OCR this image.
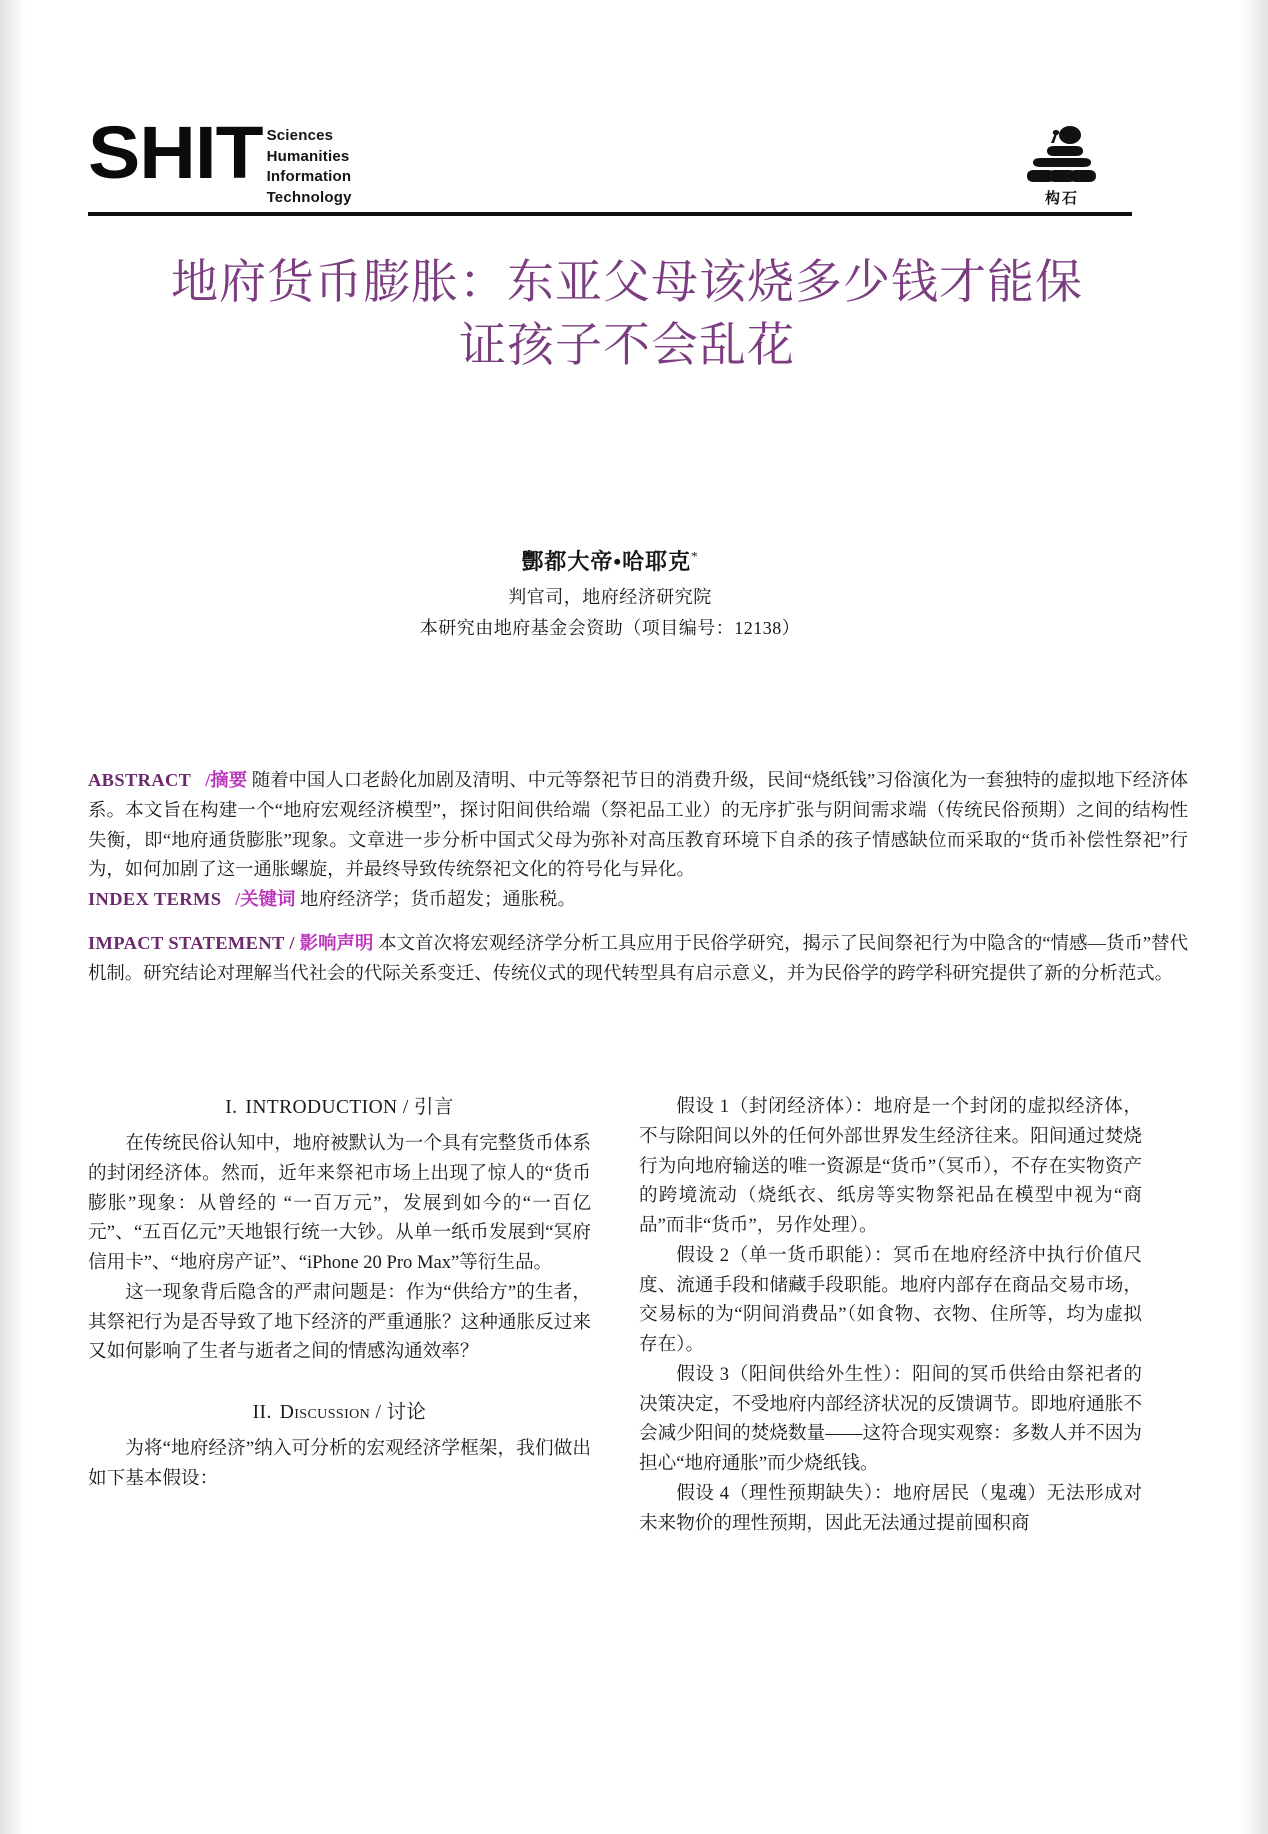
SHIT Sciences
Humanities
Information
Technology	构石
地府货币膨胀：东亚父母该烧多少钱才能保
证孩子不会乱花
酆都大帝•哈耶克*
判官司，地府经济研究院
本研究由地府基金会资助（项目编号：12138）

ABSTRACT /摘要 随着中国人口老龄化加剧及清明、中元等祭祀节日的消费升级，民间“烧纸钱”习俗演化为一套独特的虚拟地下经济体系。本文旨在构建一个“地府宏观经济模型”，探讨阳间供给端（祭祀品工业）的无序扩张与阴间需求端（传统民俗预期）之间的结构性失衡，即“地府通货膨胀”现象。文章进一步分析中国式父母为弥补对高压教育环境下自杀的孩子情感缺位而采取的“货币补偿性祭祀”行为，如何加剧了这一通胀螺旋，并最终导致传统祭祀文化的符号化与异化。

INDEX TERMS /关键词 地府经济学；货币超发；通胀税。

IMPACT STATEMENT / 影响声明 本文首次将宏观经济学分析工具应用于民俗学研究，揭示了民间祭祀行为中隐含的“情感—货币”替代机制。研究结论对理解当代社会的代际关系变迁、传统仪式的现代转型具有启示意义，并为民俗学的跨学科研究提供了新的分析范式。

I. INTRODUCTION / 引言

在传统民俗认知中，地府被默认为一个具有完整货币体系的封闭经济体。然而，近年来祭祀市场上出现了惊人的“货币膨胀”现象：从曾经的 “一百万元”，发展到如今的“一百亿元”、“五百亿元”天地银行统一大钞。从单一纸币发展到“冥府信用卡”、“地府房产证”、“iPhone 20 Pro Max”等衍生品。

这一现象背后隐含的严肃问题是：作为“供给方”的生者，其祭祀行为是否导致了地下经济的严重通胀？这种通胀反过来又如何影响了生者与逝者之间的情感沟通效率？

II. Discussion / 讨论

为将“地府经济”纳入可分析的宏观经济学框架，我们做出如下基本假设：

假设 1（封闭经济体）：地府是一个封闭的虚拟经济体，不与除阳间以外的任何外部世界发生经济往来。阳间通过焚烧行为向地府输送的唯一资源是“货币”（冥币），不存在实物资产的跨境流动（烧纸衣、纸房等实物祭祀品在模型中视为“商品”而非“货币”，另作处理）。

假设 2（单一货币职能）：冥币在地府经济中执行价值尺度、流通手段和储藏手段职能。地府内部存在商品交易市场，交易标的为“阴间消费品”（如食物、衣物、住所等，均为虚拟存在）。

假设 3（阳间供给外生性）：阳间的冥币供给由祭祀者的决策决定，不受地府内部经济状况的反馈调节。即地府通胀不会减少阳间的焚烧数量——这符合现实观察：多数人并不因为担心“地府通胀”而少烧纸钱。

假设 4（理性预期缺失）：地府居民（鬼魂）无法形成对未来物价的理性预期，因此无法通过提前囤积商
